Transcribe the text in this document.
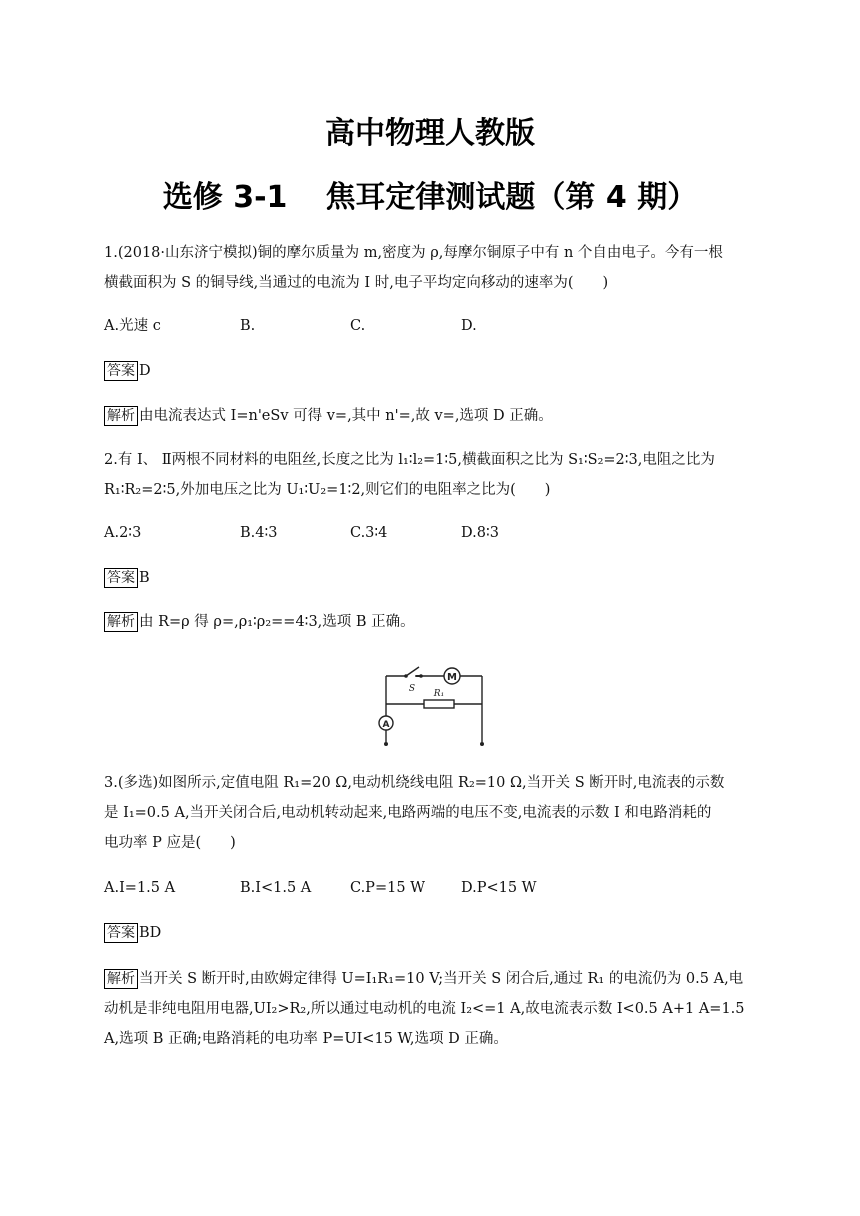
高中物理人教版
选修 3-1 焦耳定律测试题（第 4 期）
1.(2018·山东济宁模拟)铜的摩尔质量为 m,密度为 ρ,每摩尔铜原子中有 n 个自由电子。今有一根
横截面积为 S 的铜导线,当通过的电流为 I 时,电子平均定向移动的速率为(　　)
A.光速 c	B.	C.	D.
答案 D
解析 由电流表达式 I=n'eSv 可得 v=,其中 n'=,故 v=,选项 D 正确。
2.有 Ⅰ、 Ⅱ两根不同材料的电阻丝,长度之比为 l₁∶l₂=1∶5,横截面积之比为 S₁∶S₂=2∶3,电阻之比为
R₁∶R₂=2∶5,外加电压之比为 U₁∶U₂=1∶2,则它们的电阻率之比为(　　)
A.2∶3	B.4∶3	C.3∶4	D.8∶3
答案 B
解析 由 R=ρ 得 ρ=,ρ₁∶ρ₂==4∶3,选项 B 正确。
M
S R₁
A
3.(多选)如图所示,定值电阻 R₁=20 Ω,电动机绕线电阻 R₂=10 Ω,当开关 S 断开时,电流表的示数
是 I₁=0.5 A,当开关闭合后,电动机转动起来,电路两端的电压不变,电流表的示数 I 和电路消耗的
电功率 P 应是(　　)
A.I=1.5 A	B.I<1.5 A	C.P=15 W D.P<15 W
答案 BD
解析 当开关 S 断开时,由欧姆定律得 U=I₁R₁=10 V;当开关 S 闭合后,通过 R₁ 的电流仍为 0.5 A,电
动机是非纯电阻用电器,UI₂>R₂,所以通过电动机的电流 I₂<=1 A,故电流表示数 I<0.5 A+1 A=1.5
A,选项 B 正确;电路消耗的电功率 P=UI<15 W,选项 D 正确。
